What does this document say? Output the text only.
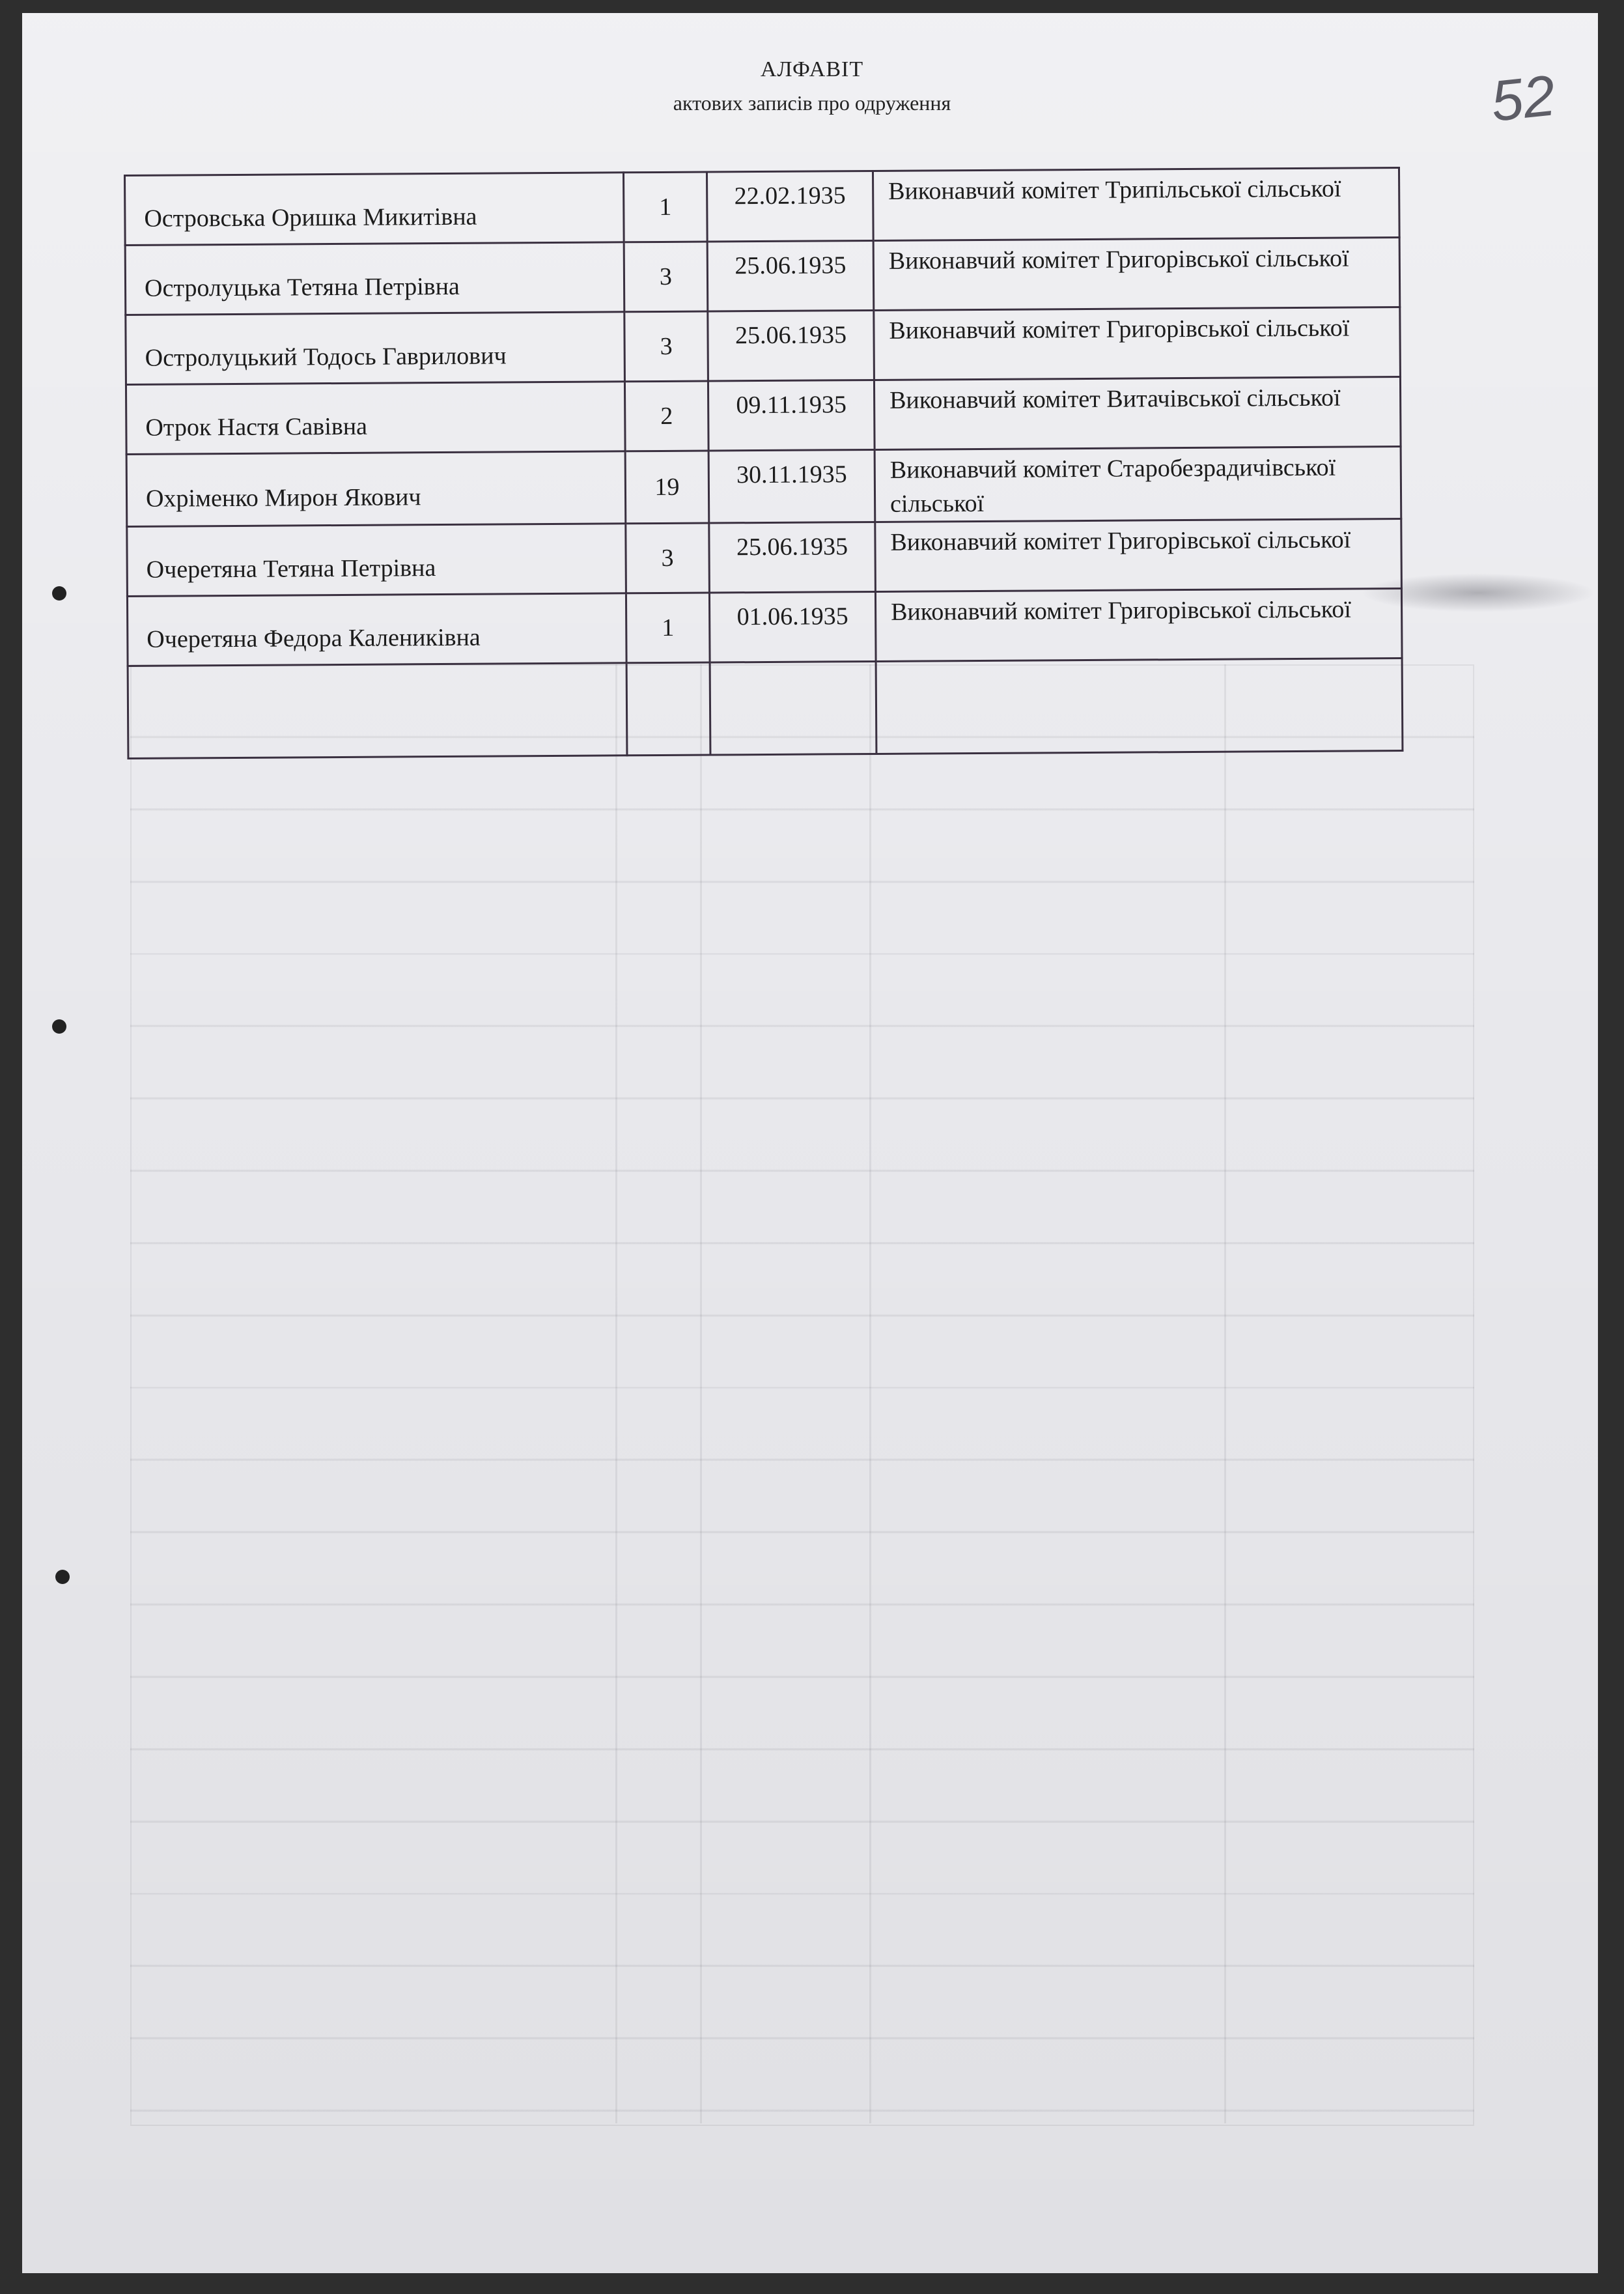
52
АЛФАВІТ
актових записів про одруження
Островська Оришка Микитівна	1	22.02.1935	Виконавчий комітет Трипільської сільської
Остролуцька Тетяна Петрівна	3	25.06.1935	Виконавчий комітет Григорівської сільської
Остролуцький Тодось Гаврилович	3	25.06.1935	Виконавчий комітет Григорівської сільської
Отрок Настя Савівна	2	09.11.1935	Виконавчий комітет Витачівської сільської
Охріменко Мирон Якович	19	30.11.1935	Виконавчий комітет Старобезрадичівської сільської
Очеретяна Тетяна Петрівна	3	25.06.1935	Виконавчий комітет Григорівської сільської
Очеретяна Федора Калениківна	1	01.06.1935	Виконавчий комітет Григорівської сільської
